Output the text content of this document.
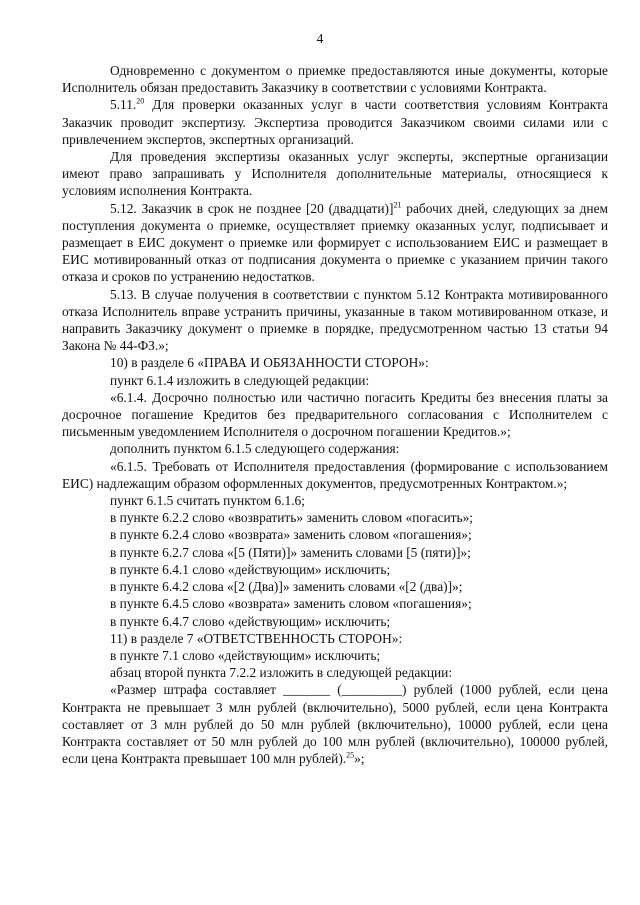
4

Одновременно с документом о приемке предоставляются иные документы, которые Исполнитель обязан предоставить Заказчику в соответствии с условиями Контракта.

5.11.20 Для проверки оказанных услуг в части соответствия условиям Контракта Заказчик проводит экспертизу. Экспертиза проводится Заказчиком своими силами или с привлечением экспертов, экспертных организаций.

Для проведения экспертизы оказанных услуг эксперты, экспертные организации имеют право запрашивать у Исполнителя дополнительные материалы, относящиеся к условиям исполнения Контракта.

5.12. Заказчик в срок не позднее [20 (двадцати)]$^{21}$ рабочих дней, следующих за днем поступления документа о приемке, осуществляет приемку оказанных услуг, подписывает и размещает в ЕИС документ о приемке или формирует с использованием ЕИС и размещает в ЕИС мотивированный отказ от подписания документа о приемке с указанием причин такого отказа и сроков по устранению недостатков.

5.13. В случае получения в соответствии с пунктом 5.12 Контракта мотивированного отказа Исполнитель вправе устранить причины, указанные в таком мотивированном отказе, и направить Заказчику документ о приемке в порядке, предусмотренном частью 13 статьи 94 Закона № 44-ФЗ.»;

10) в разделе 6 «ПРАВА И ОБЯЗАННОСТИ СТОРОН»:

пункт 6.1.4 изложить в следующей редакции:

«6.1.4. Досрочно полностью или частично погасить Кредиты без внесения платы за досрочное погашение Кредитов без предварительного согласования с Исполнителем с письменным уведомлением Исполнителя о досрочном погашении Кредитов.»;

дополнить пунктом 6.1.5 следующего содержания:

«6.1.5. Требовать от Исполнителя предоставления (формирование с использованием ЕИС) надлежащим образом оформленных документов, предусмотренных Контрактом.»;

пункт 6.1.5 считать пунктом 6.1.6;

в пункте 6.2.2 слово «возвратить» заменить словом «погасить»;

в пункте 6.2.4 слово «возврата» заменить словом «погашения»;

в пункте 6.2.7 слова «[5 (Пяти)]» заменить словами [5 (пяти)]»;

в пункте 6.4.1 слово «действующим» исключить;

в пункте 6.4.2 слова «[2 (Два)]» заменить словами «[2 (два)]»;

в пункте 6.4.5 слово «возврата» заменить словом «погашения»;

в пункте 6.4.7 слово «действующим» исключить;

11) в разделе 7 «ОТВЕТСТВЕННОСТЬ СТОРОН»:

в пункте 7.1 слово «действующим» исключить;

абзац второй пункта 7.2.2 изложить в следующей редакции:

«Размер штрафа составляет _______ (_________) рублей (1000 рублей, если цена Контракта не превышает 3 млн рублей (включительно), 5000 рублей, если цена Контракта составляет от 3 млн рублей до 50 млн рублей (включительно), 10000 рублей, если цена Контракта составляет от 50 млн рублей до 100 млн рублей (включительно), 100000 рублей, если цена Контракта превышает 100 млн рублей).$^{25}$»;
